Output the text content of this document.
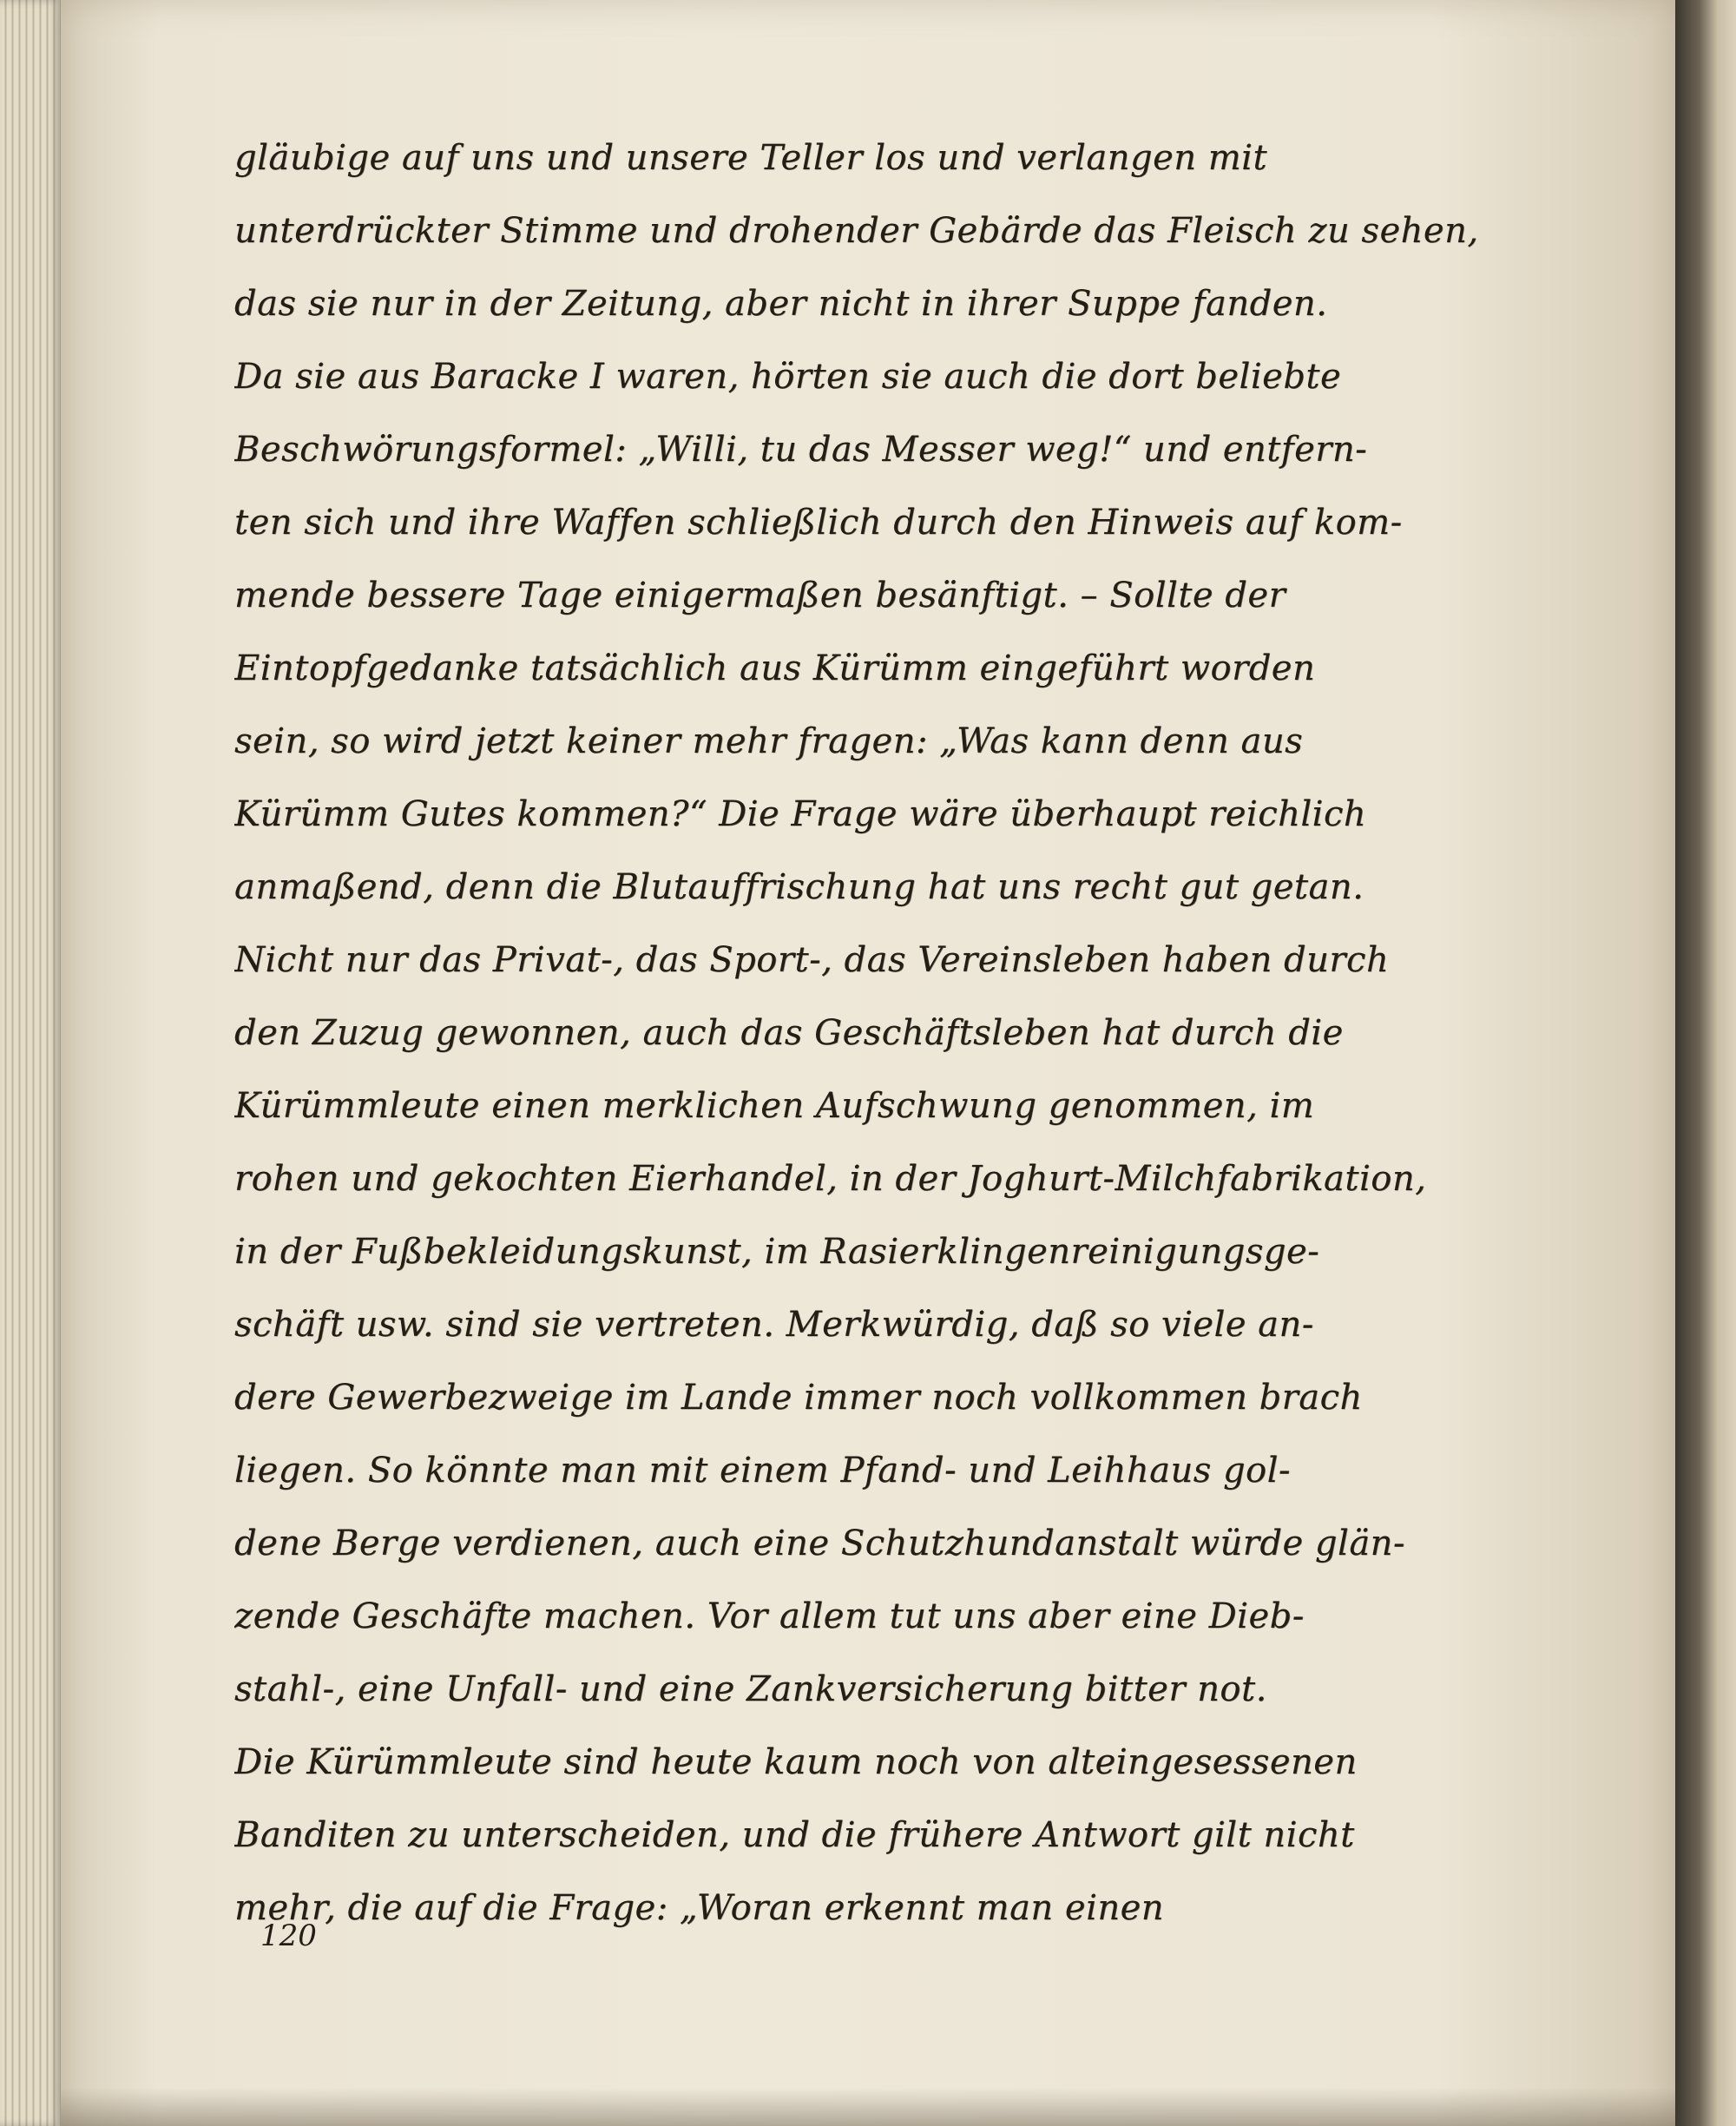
gläubige auf uns und unsere Teller los und verlangen mit
unterdrückter Stimme und drohender Gebärde das Fleisch zu sehen,
das sie nur in der Zeitung, aber nicht in ihrer Suppe fanden.
Da sie aus Baracke I waren, hörten sie auch die dort beliebte
Beschwörungsformel: „Willi, tu das Messer weg!“ und entfern-
ten sich und ihre Waffen schließlich durch den Hinweis auf kom-
mende bessere Tage einigermaßen besänftigt. – Sollte der
Eintopfgedanke tatsächlich aus Kürümm eingeführt worden
sein, so wird jetzt keiner mehr fragen: „Was kann denn aus
Kürümm Gutes kommen?“ Die Frage wäre überhaupt reichlich
anmaßend, denn die Blutauffrischung hat uns recht gut getan.
Nicht nur das Privat-, das Sport-, das Vereinsleben haben durch
den Zuzug gewonnen, auch das Geschäftsleben hat durch die
Kürümmleute einen merklichen Aufschwung genommen, im
rohen und gekochten Eierhandel, in der Joghurt-Milchfabrikation,
in der Fußbekleidungskunst, im Rasierklingenreinigungsge-
schäft usw. sind sie vertreten. Merkwürdig, daß so viele an-
dere Gewerbezweige im Lande immer noch vollkommen brach
liegen. So könnte man mit einem Pfand- und Leihhaus gol-
dene Berge verdienen, auch eine Schutzhundanstalt würde glän-
zende Geschäfte machen. Vor allem tut uns aber eine Dieb-
stahl-, eine Unfall- und eine Zankversicherung bitter not.
Die Kürümmleute sind heute kaum noch von alteingesessenen
Banditen zu unterscheiden, und die frühere Antwort gilt nicht
mehr, die auf die Frage: „Woran erkennt man einen
120
